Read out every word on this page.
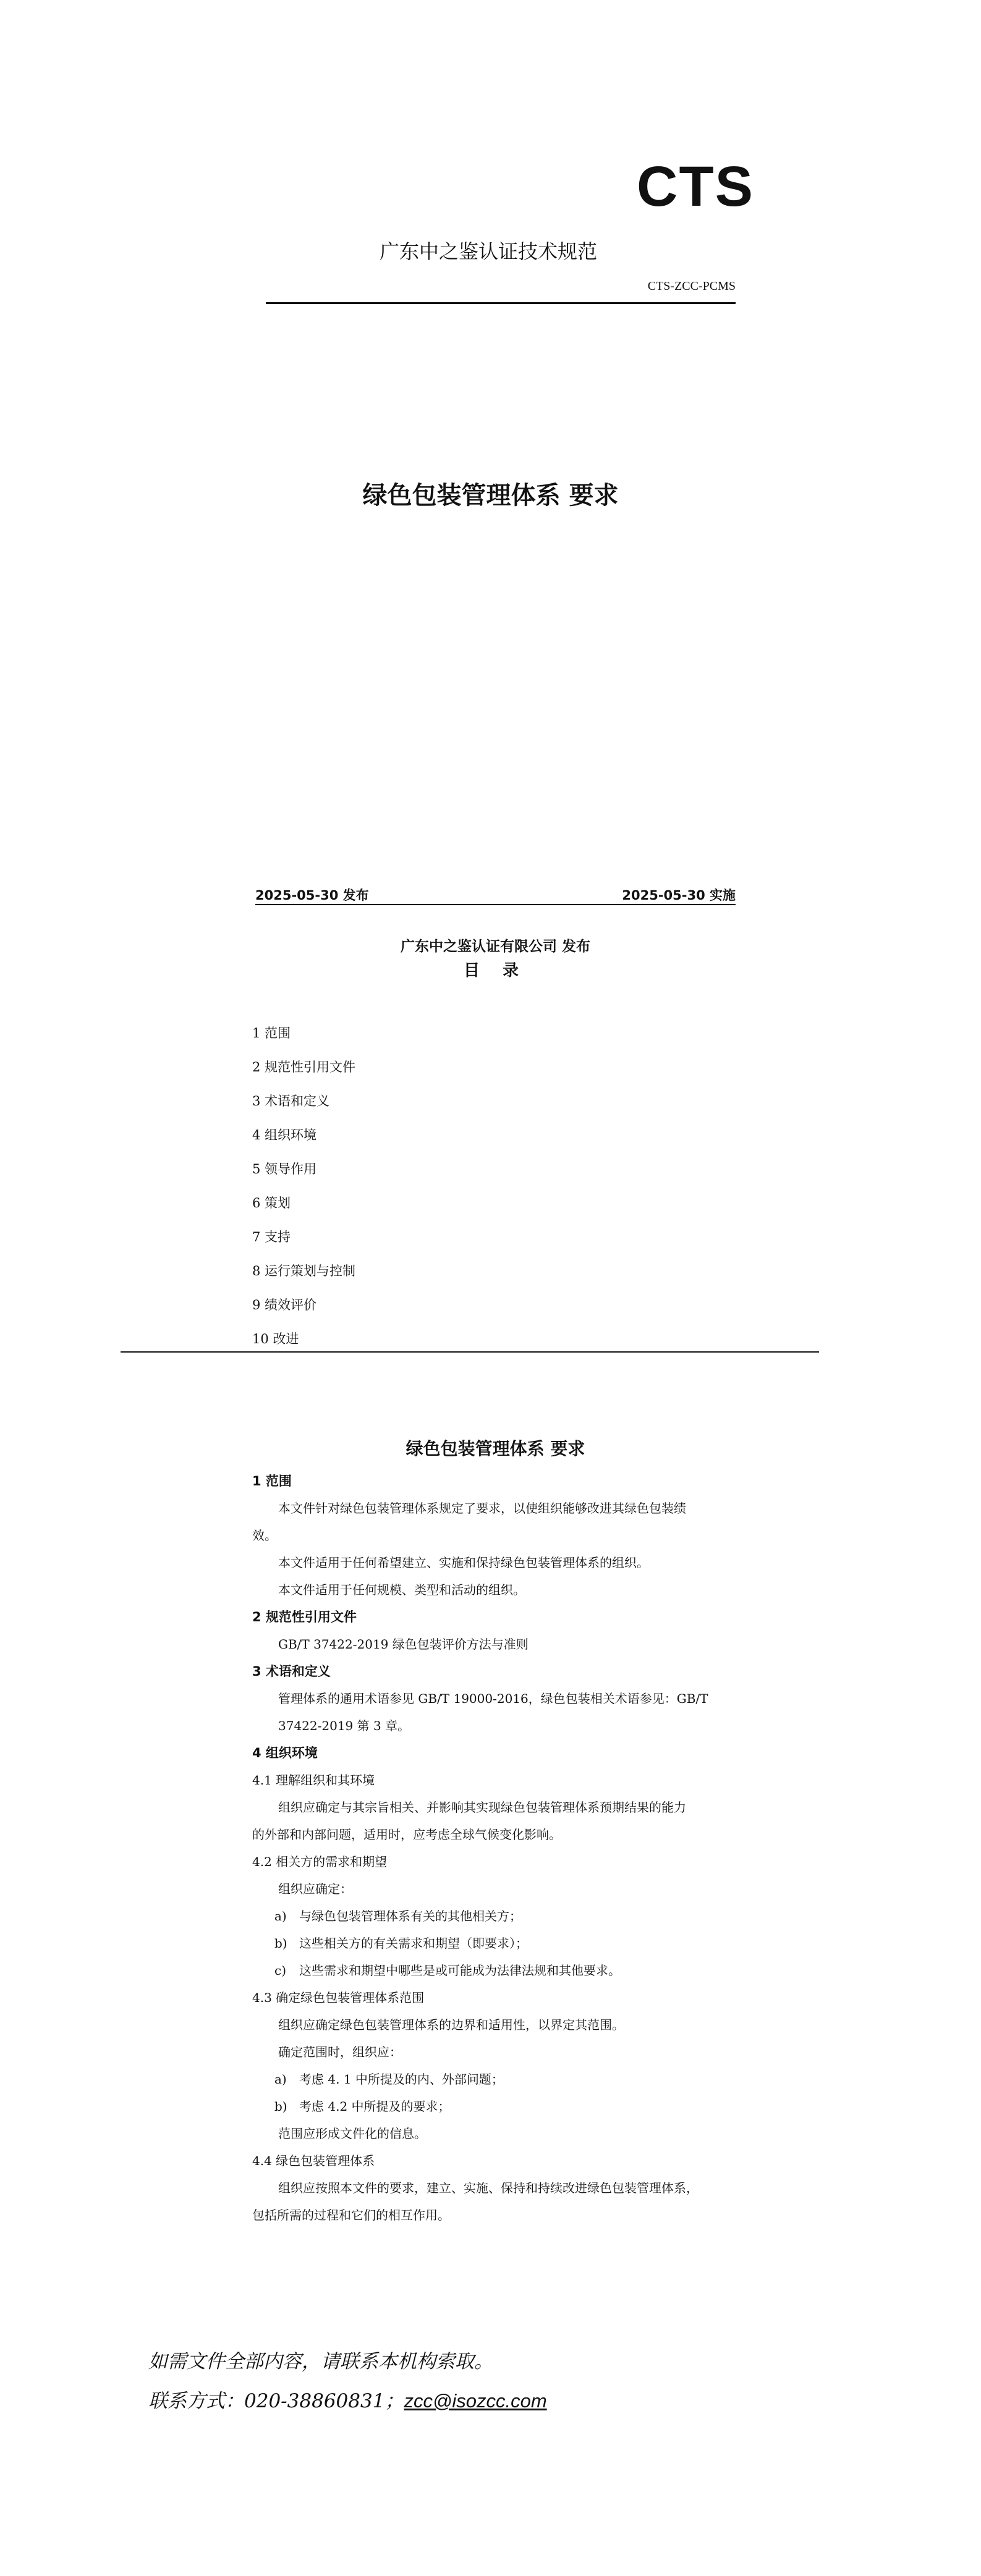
CTS
广东中之鉴认证技术规范
CTS-ZCC-PCMS
绿色包装管理体系 要求
2025-05-30 发布	2025-05-30 实施
广东中之鉴认证有限公司 发布
目 录
1 范围
2 规范性引用文件
3 术语和定义
4 组织环境
5 领导作用
6 策划
7 支持
8 运行策划与控制
9 绩效评价
10 改进
绿色包装管理体系 要求
1 范围
本文件针对绿色包装管理体系规定了要求，以使组织能够改进其绿色包装绩
效。
本文件适用于任何希望建立、实施和保持绿色包装管理体系的组织。
本文件适用于任何规模、类型和活动的组织。
2 规范性引用文件
GB/T 37422-2019 绿色包装评价方法与准则
3 术语和定义
管理体系的通用术语参见 GB/T 19000-2016，绿色包装相关术语参见：GB/T
37422-2019 第 3 章。
4 组织环境
4.1 理解组织和其环境
组织应确定与其宗旨相关、并影响其实现绿色包装管理体系预期结果的能力
的外部和内部问题，适用时，应考虑全球气候变化影响。
4.2 相关方的需求和期望
组织应确定：
a) 与绿色包装管理体系有关的其他相关方；
b) 这些相关方的有关需求和期望（即要求）；
c) 这些需求和期望中哪些是或可能成为法律法规和其他要求。
4.3 确定绿色包装管理体系范围
组织应确定绿色包装管理体系的边界和适用性，以界定其范围。
确定范围时，组织应：
a) 考虑 4. 1 中所提及的内、外部问题；
b) 考虑 4.2 中所提及的要求；
范围应形成文件化的信息。
4.4 绿色包装管理体系
组织应按照本文件的要求，建立、实施、保持和持续改进绿色包装管理体系，
包括所需的过程和它们的相互作用。
如需文件全部内容，请联系本机构索取。
联系方式：020-38860831；zcc@isozcc.com
